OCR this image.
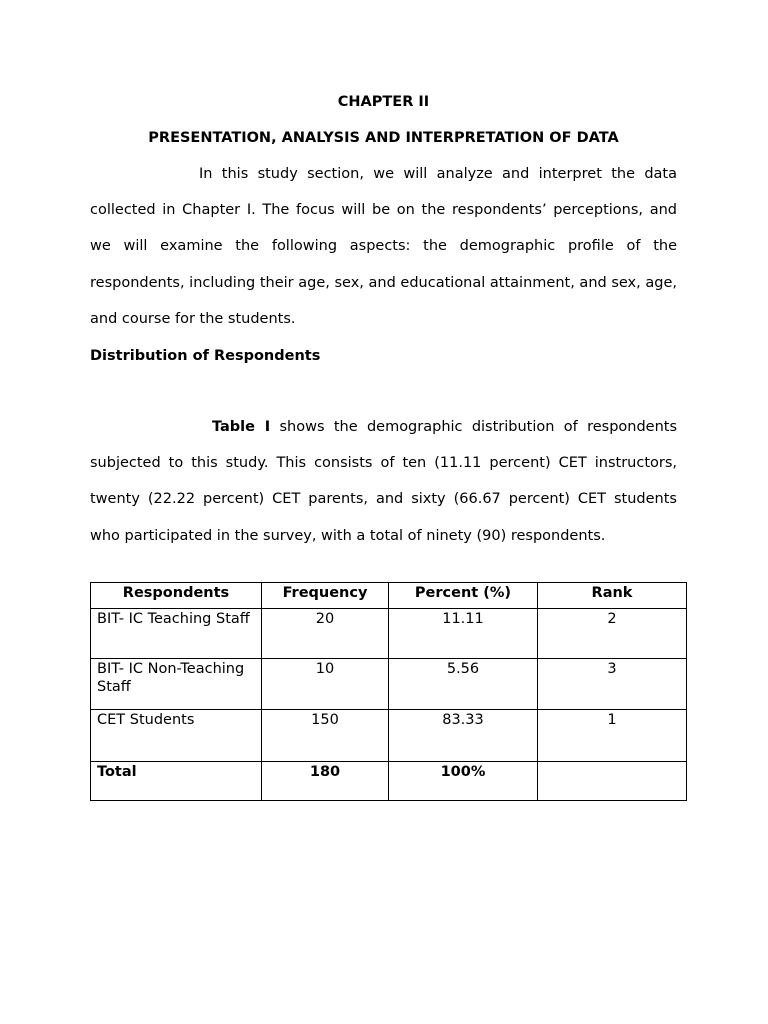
CHAPTER II
PRESENTATION, ANALYSIS AND INTERPRETATION OF DATA

In this study section, we will analyze and interpret the data collected in Chapter I. The focus will be on the respondents’ perceptions, and we will examine the following aspects: the demographic profile of the respondents, including their age, sex, and educational attainment, and sex, age, and course for the students.

Distribution of Respondents

Table I shows the demographic distribution of respondents subjected to this study. This consists of ten (11.11 percent) CET instructors, twenty (22.22 percent) CET parents, and sixty (66.67 percent) CET students who participated in the survey, with a total of ninety (90) respondents.

Respondents	Frequency	Percent (%)	Rank
BIT- IC Teaching Staff	20	11.11	2
BIT- IC Non-Teaching Staff	10	5.56	3
CET Students	150	83.33	1
Total	180	100%	
